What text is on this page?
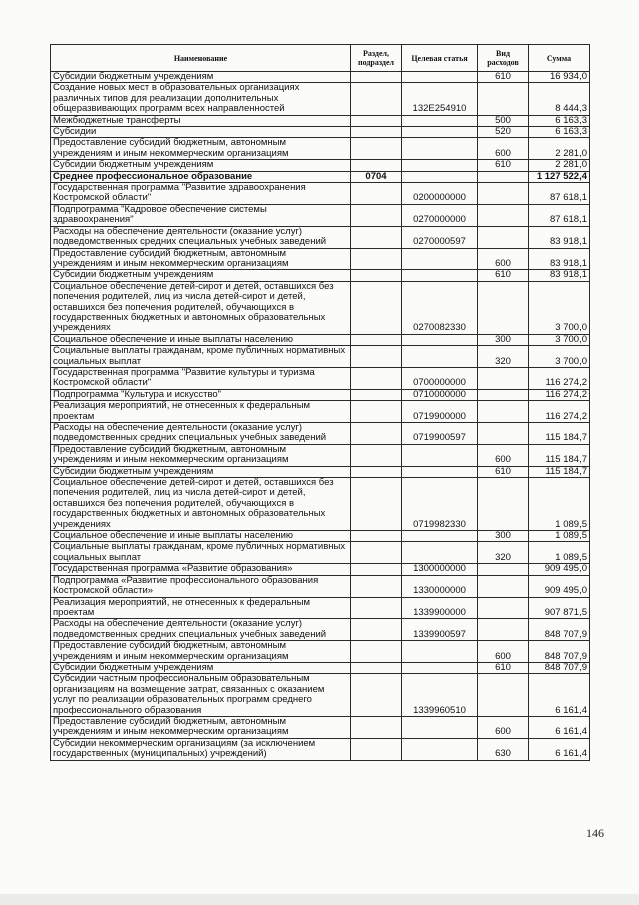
Наименование	Раздел, подраздел	Целевая статья	Вид расходов	Сумма
Субсидии бюджетным учреждениям			610	16 934,0
Создание новых мест в образовательных организациях различных типов для реализации дополнительных общеразвивающих программ всех направленностей		132E254910		8 444,3
Межбюджетные трансферты			500	6 163,3
Субсидии			520	6 163,3
Предоставление субсидий бюджетным, автономным учреждениям и иным некоммерческим организациям			600	2 281,0
Субсидии бюджетным учреждениям			610	2 281,0
Среднее профессиональное образование	0704			1 127 522,4
Государственная программа "Развитие здравоохранения Костромской области"		0200000000		87 618,1
Подпрограмма "Кадровое обеспечение системы здравоохранения"		0270000000		87 618,1
Расходы на обеспечение деятельности (оказание услуг) подведомственных средних специальных учебных заведений		0270000597		83 918,1
Предоставление субсидий бюджетным, автономным учреждениям и иным некоммерческим организациям			600	83 918,1
Субсидии бюджетным учреждениям			610	83 918,1
Социальное обеспечение детей-сирот и детей, оставшихся без попечения родителей, лиц из числа детей-сирот и детей, оставшихся без попечения родителей, обучающихся в государственных бюджетных и автономных образовательных учреждениях		0270082330		3 700,0
Социальное обеспечение и иные выплаты населению			300	3 700,0
Социальные выплаты гражданам, кроме публичных нормативных социальных выплат			320	3 700,0
Государственная программа "Развитие культуры и туризма Костромской области"		0700000000		116 274,2
Подпрограмма "Культура и искусство"		0710000000		116 274,2
Реализация мероприятий, не отнесенных к федеральным проектам		0719900000		116 274,2
Расходы на обеспечение деятельности (оказание услуг) подведомственных средних специальных учебных заведений		0719900597		115 184,7
Предоставление субсидий бюджетным, автономным учреждениям и иным некоммерческим организациям			600	115 184,7
Субсидии бюджетным учреждениям			610	115 184,7
Социальное обеспечение детей-сирот и детей, оставшихся без попечения родителей, лиц из числа детей-сирот и детей, оставшихся без попечения родителей, обучающихся в государственных бюджетных и автономных образовательных учреждениях		0719982330		1 089,5
Социальное обеспечение и иные выплаты населению			300	1 089,5
Социальные выплаты гражданам, кроме публичных нормативных социальных выплат			320	1 089,5
Государственная программа «Развитие образования»		1300000000		909 495,0
Подпрограмма «Развитие профессионального образования Костромской области»		1330000000		909 495,0
Реализация мероприятий, не отнесенных к федеральным проектам		1339900000		907 871,5
Расходы на обеспечение деятельности (оказание услуг) подведомственных средних специальных учебных заведений		1339900597		848 707,9
Предоставление субсидий бюджетным, автономным учреждениям и иным некоммерческим организациям			600	848 707,9
Субсидии бюджетным учреждениям			610	848 707,9
Субсидии частным профессиональным образовательным организациям на возмещение затрат, связанных с оказанием услуг по реализации образовательных программ среднего профессионального образования		1339960510		6 161,4
Предоставление субсидий бюджетным, автономным учреждениям и иным некоммерческим организациям			600	6 161,4
Субсидии некоммерческим организациям (за исключением государственных (муниципальных) учреждений)			630	6 161,4
146
